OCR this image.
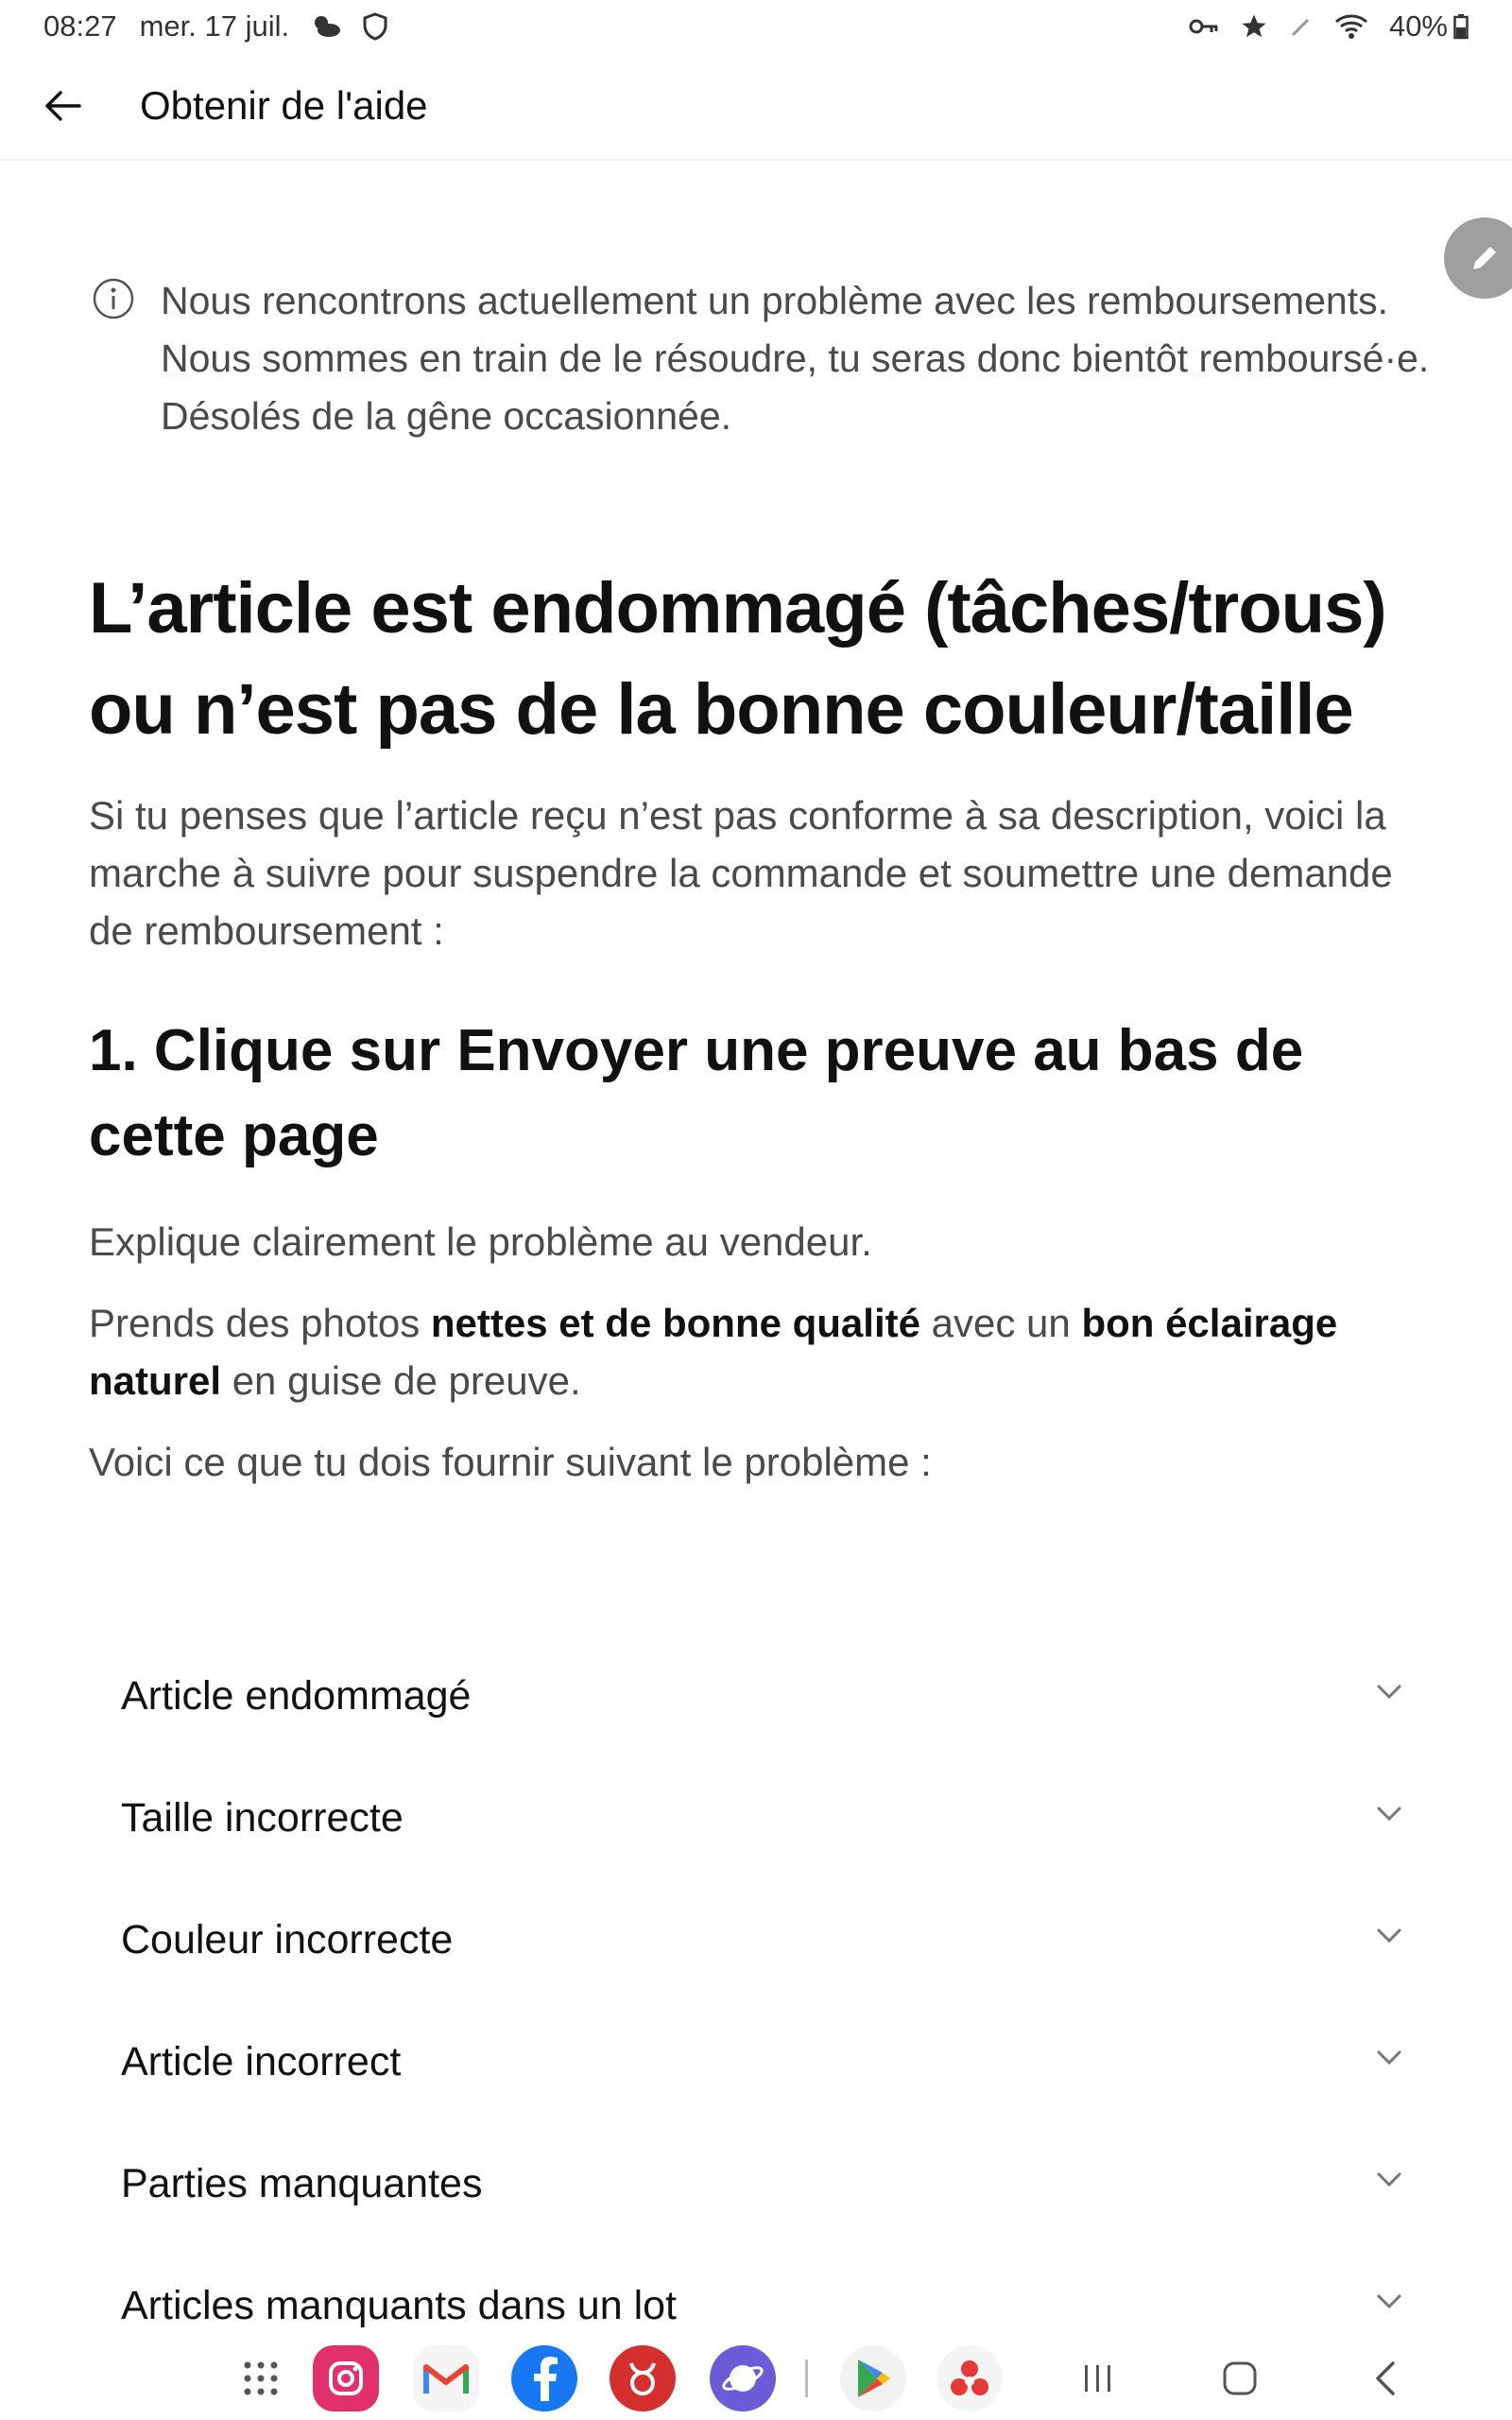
08:27 mer. 17 juil.	40%
Obtenir de l'aide
Nous rencontrons actuellement un problème avec les remboursements. Nous sommes en train de le résoudre, tu seras donc bientôt remboursé·e. Désolés de la gêne occasionnée.
L’article est endommagé (tâches/trous) ou n’est pas de la bonne couleur/taille

Si tu penses que l’article reçu n’est pas conforme à sa description, voici la marche à suivre pour suspendre la commande et soumettre une demande de remboursement :

1. Clique sur Envoyer une preuve au bas de cette page

Explique clairement le problème au vendeur.

Prends des photos nettes et de bonne qualité avec un bon éclairage naturel en guise de preuve.

Voici ce que tu dois fournir suivant le problème :

Article endommagé
Taille incorrecte
Couleur incorrecte
Article incorrect
Parties manquantes
Articles manquants dans un lot
